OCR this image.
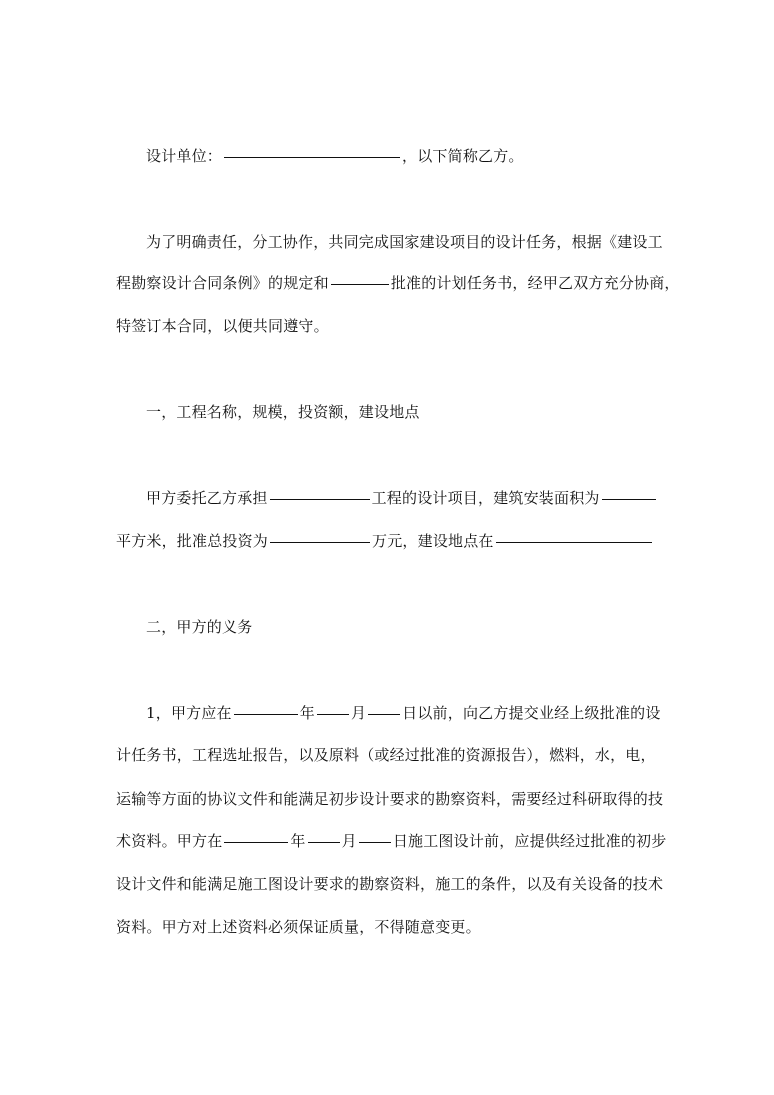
设计单位：	，以下简称乙方。
为了明确责任，分工协作，共同完成国家建设项目的设计任务，根据《建设工
程勘察设计合同条例》的规定和	批准的计划任务书，经甲乙双方充分协商，
特签订本合同，以便共同遵守。
一，工程名称，规模，投资额，建设地点
甲方委托乙方承担	工程的设计项目，建筑安装面积为
平方米，批准总投资为	万元，建设地点在
二，甲方的义务
1，甲方应在	年 月 日以前，向乙方提交业经上级批准的设
计任务书，工程选址报告，以及原料（或经过批准的资源报告），燃料，水，电，
运输等方面的协议文件和能满足初步设计要求的勘察资料，需要经过科研取得的技
术资料。甲方在	年 月 日施工图设计前，应提供经过批准的初步
设计文件和能满足施工图设计要求的勘察资料，施工的条件，以及有关设备的技术
资料。甲方对上述资料必须保证质量，不得随意变更。
